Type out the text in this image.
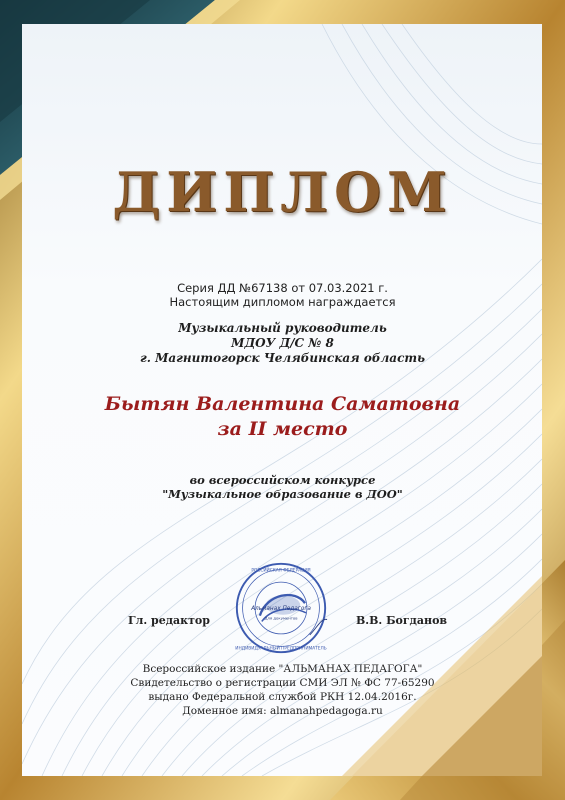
ДИПЛОМ
Серия ДД №67138 от 07.03.2021 г.
Настоящим дипломом награждается
Музыкальный руководитель
МДОУ Д/С № 8
г. Магнитогорск Челябинская область
Бытян Валентина Саматовна
за II место
во всероссийском конкурсе
"Музыкальное образование в ДОО"
Гл. редактор
Альманах Педагога
Для документов
РОССИЙСКАЯ ФЕДЕРАЦИЯ
ИНДИВИДУАЛЬНЫЙ ПРЕДПРИНИМАТЕЛЬ
В.В. Богданов
Всероссийское издание "АЛЬМАНАХ ПЕДАГОГА"
Свидетельство о регистрации СМИ ЭЛ № ФС 77-65290
выдано Федеральной службой РКН 12.04.2016г.
Доменное имя: almanahpedagoga.ru
